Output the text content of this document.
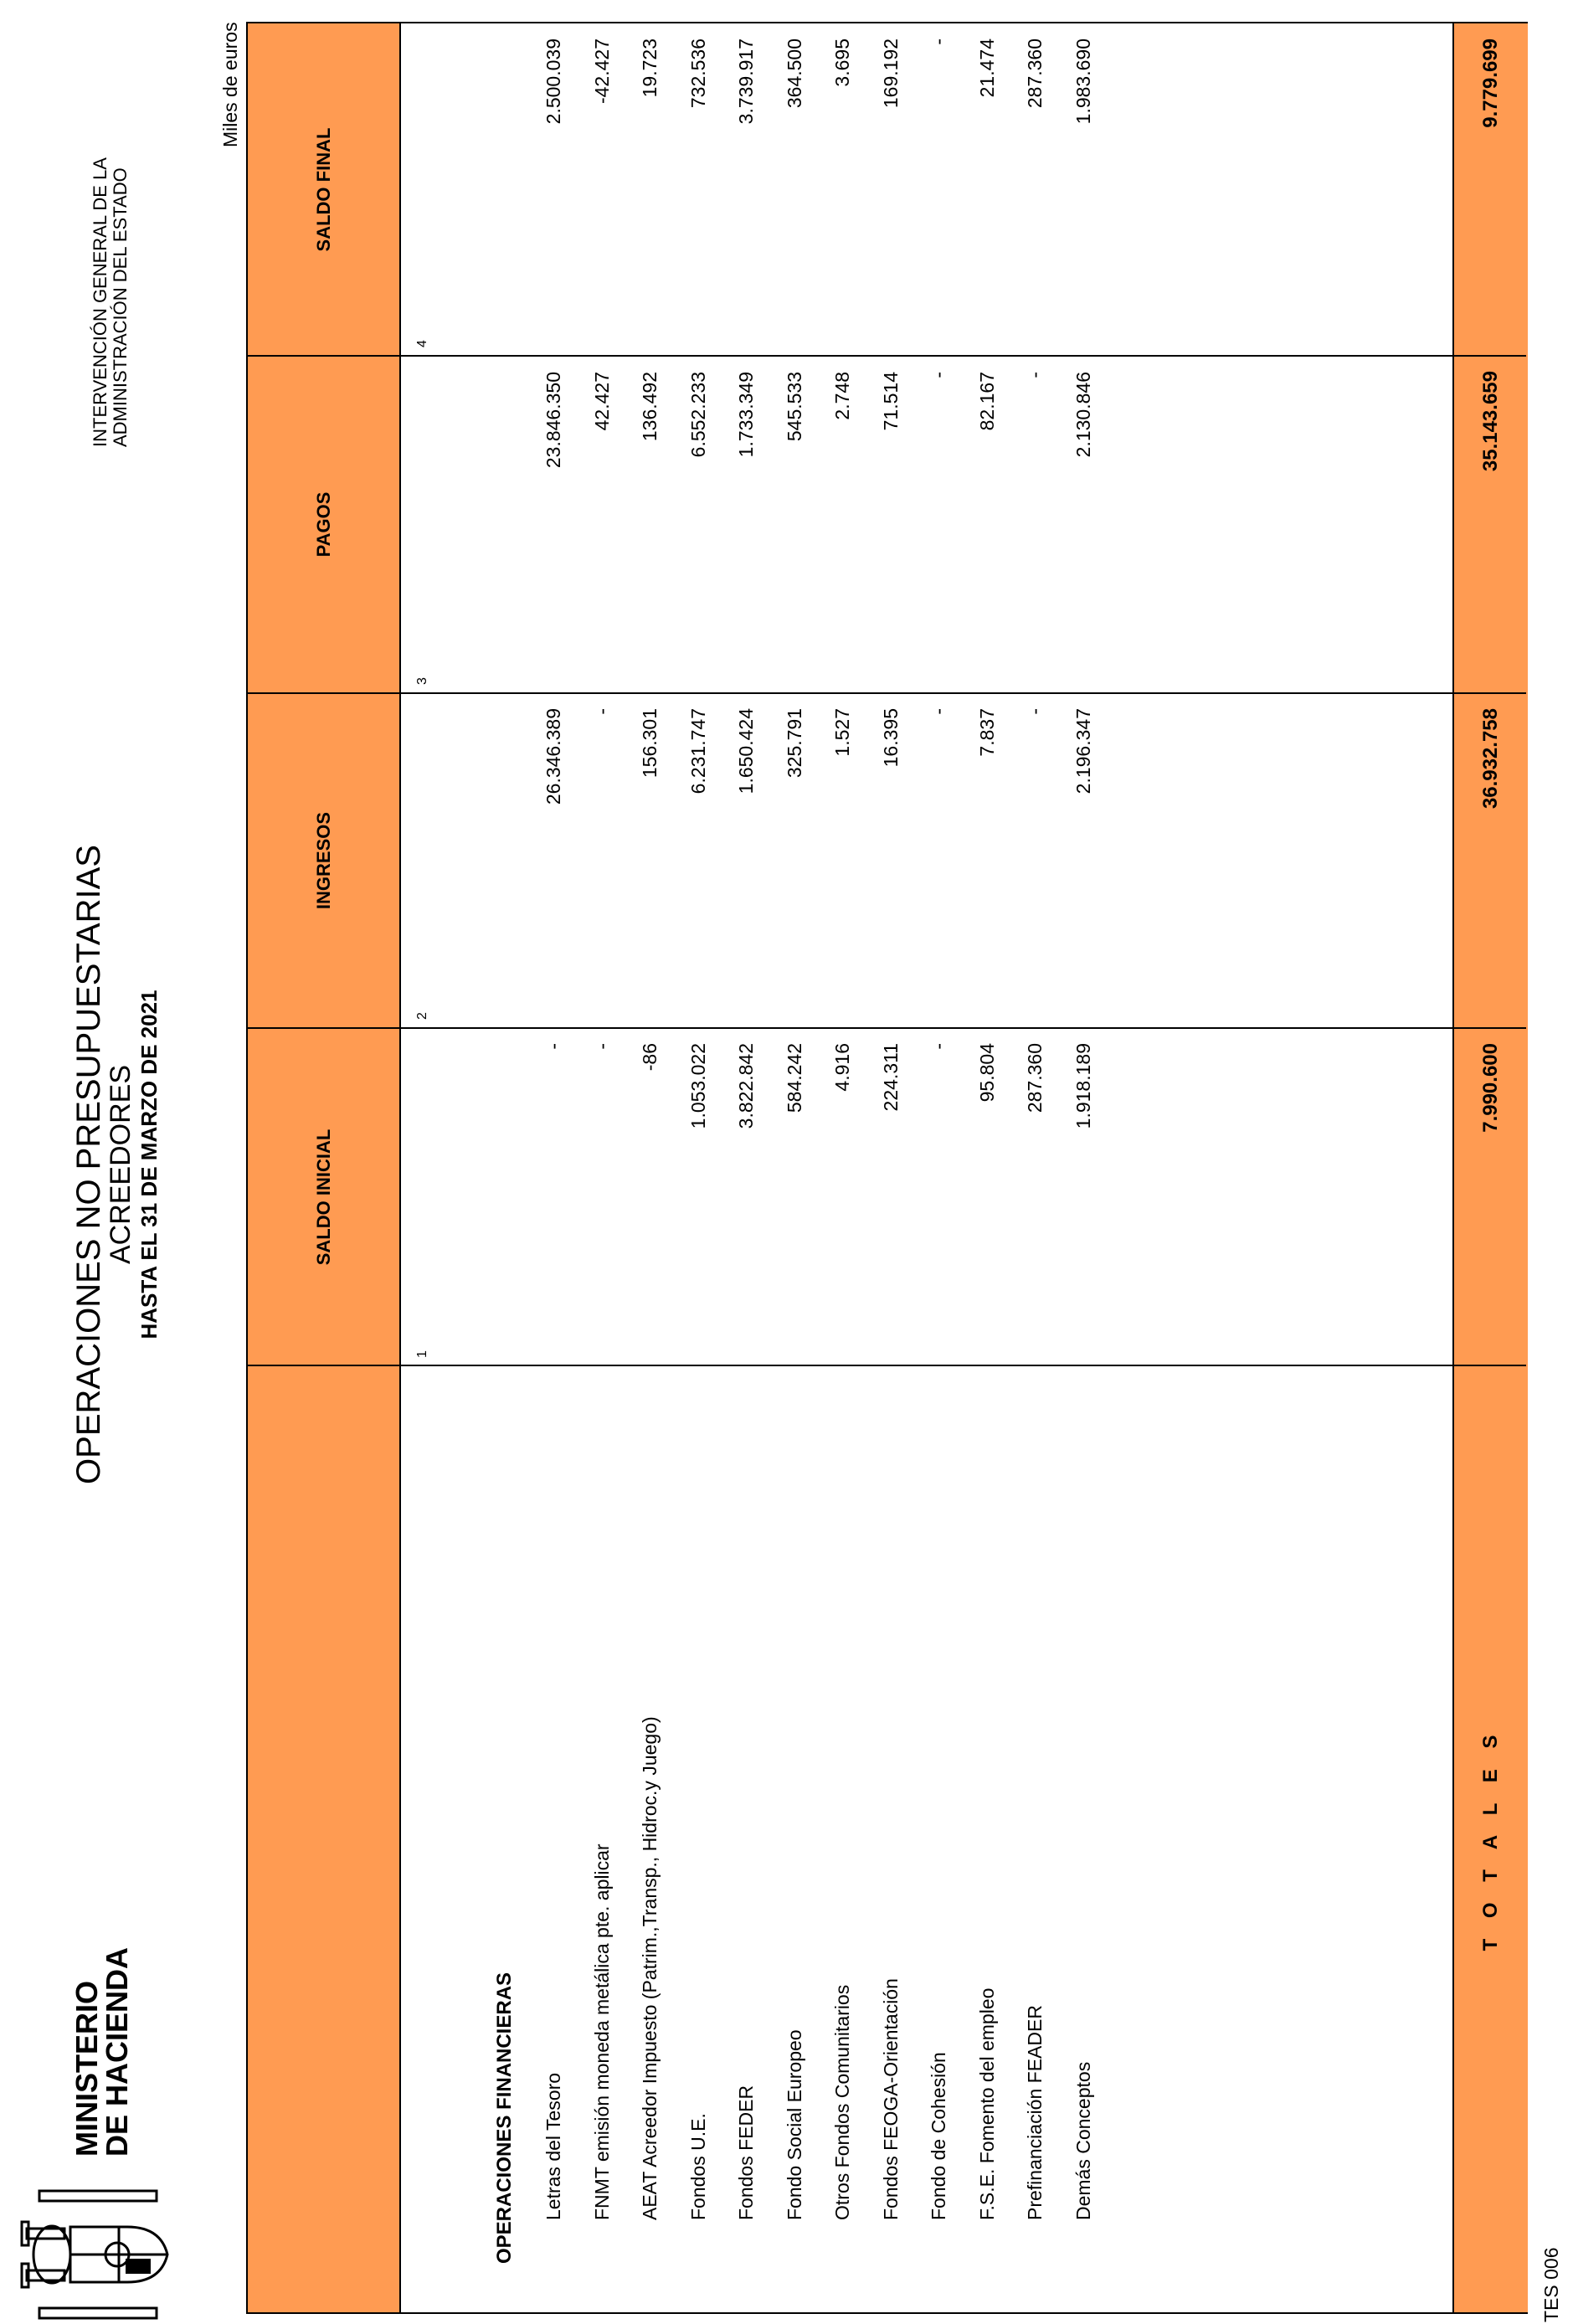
MINISTERIO
DE HACIENDA
OPERACIONES NO PRESUPUESTARIAS
ACREEDORES HASTA EL 31 DE MARZO DE 2021
INTERVENCIÓN GENERAL DE LA ADMINISTRACIÓN DEL ESTADO
Miles de euros
TES 006
SALDO INICIAL
INGRESOS
PAGOS
SALDO FINAL
1
2
3
4
OPERACIONES FINANCIERAS
T O T A L E S
7.990.600
36.932.758
35.143.659
9.779.699
Letras del Tesoro
-
26.346.389
23.846.350
2.500.039
FNMT emisión moneda metálica pte. aplicar
-
-
42.427
-42.427
AEAT Acreedor Impuesto (Patrim.,Transp., Hidroc.y Juego)
-86
156.301
136.492
19.723
Fondos U.E.
1.053.022
6.231.747
6.552.233
732.536
Fondos FEDER
3.822.842
1.650.424
1.733.349
3.739.917
Fondo Social Europeo
584.242
325.791
545.533
364.500
Otros Fondos Comunitarios
4.916
1.527
2.748
3.695
Fondos FEOGA-Orientación
224.311
16.395
71.514
169.192
Fondo de Cohesión
-
-
-
-
F.S.E. Fomento del empleo
95.804
7.837
82.167
21.474
Prefinanciación FEADER
287.360
-
-
287.360
Demás Conceptos
1.918.189
2.196.347
2.130.846
1.983.690
